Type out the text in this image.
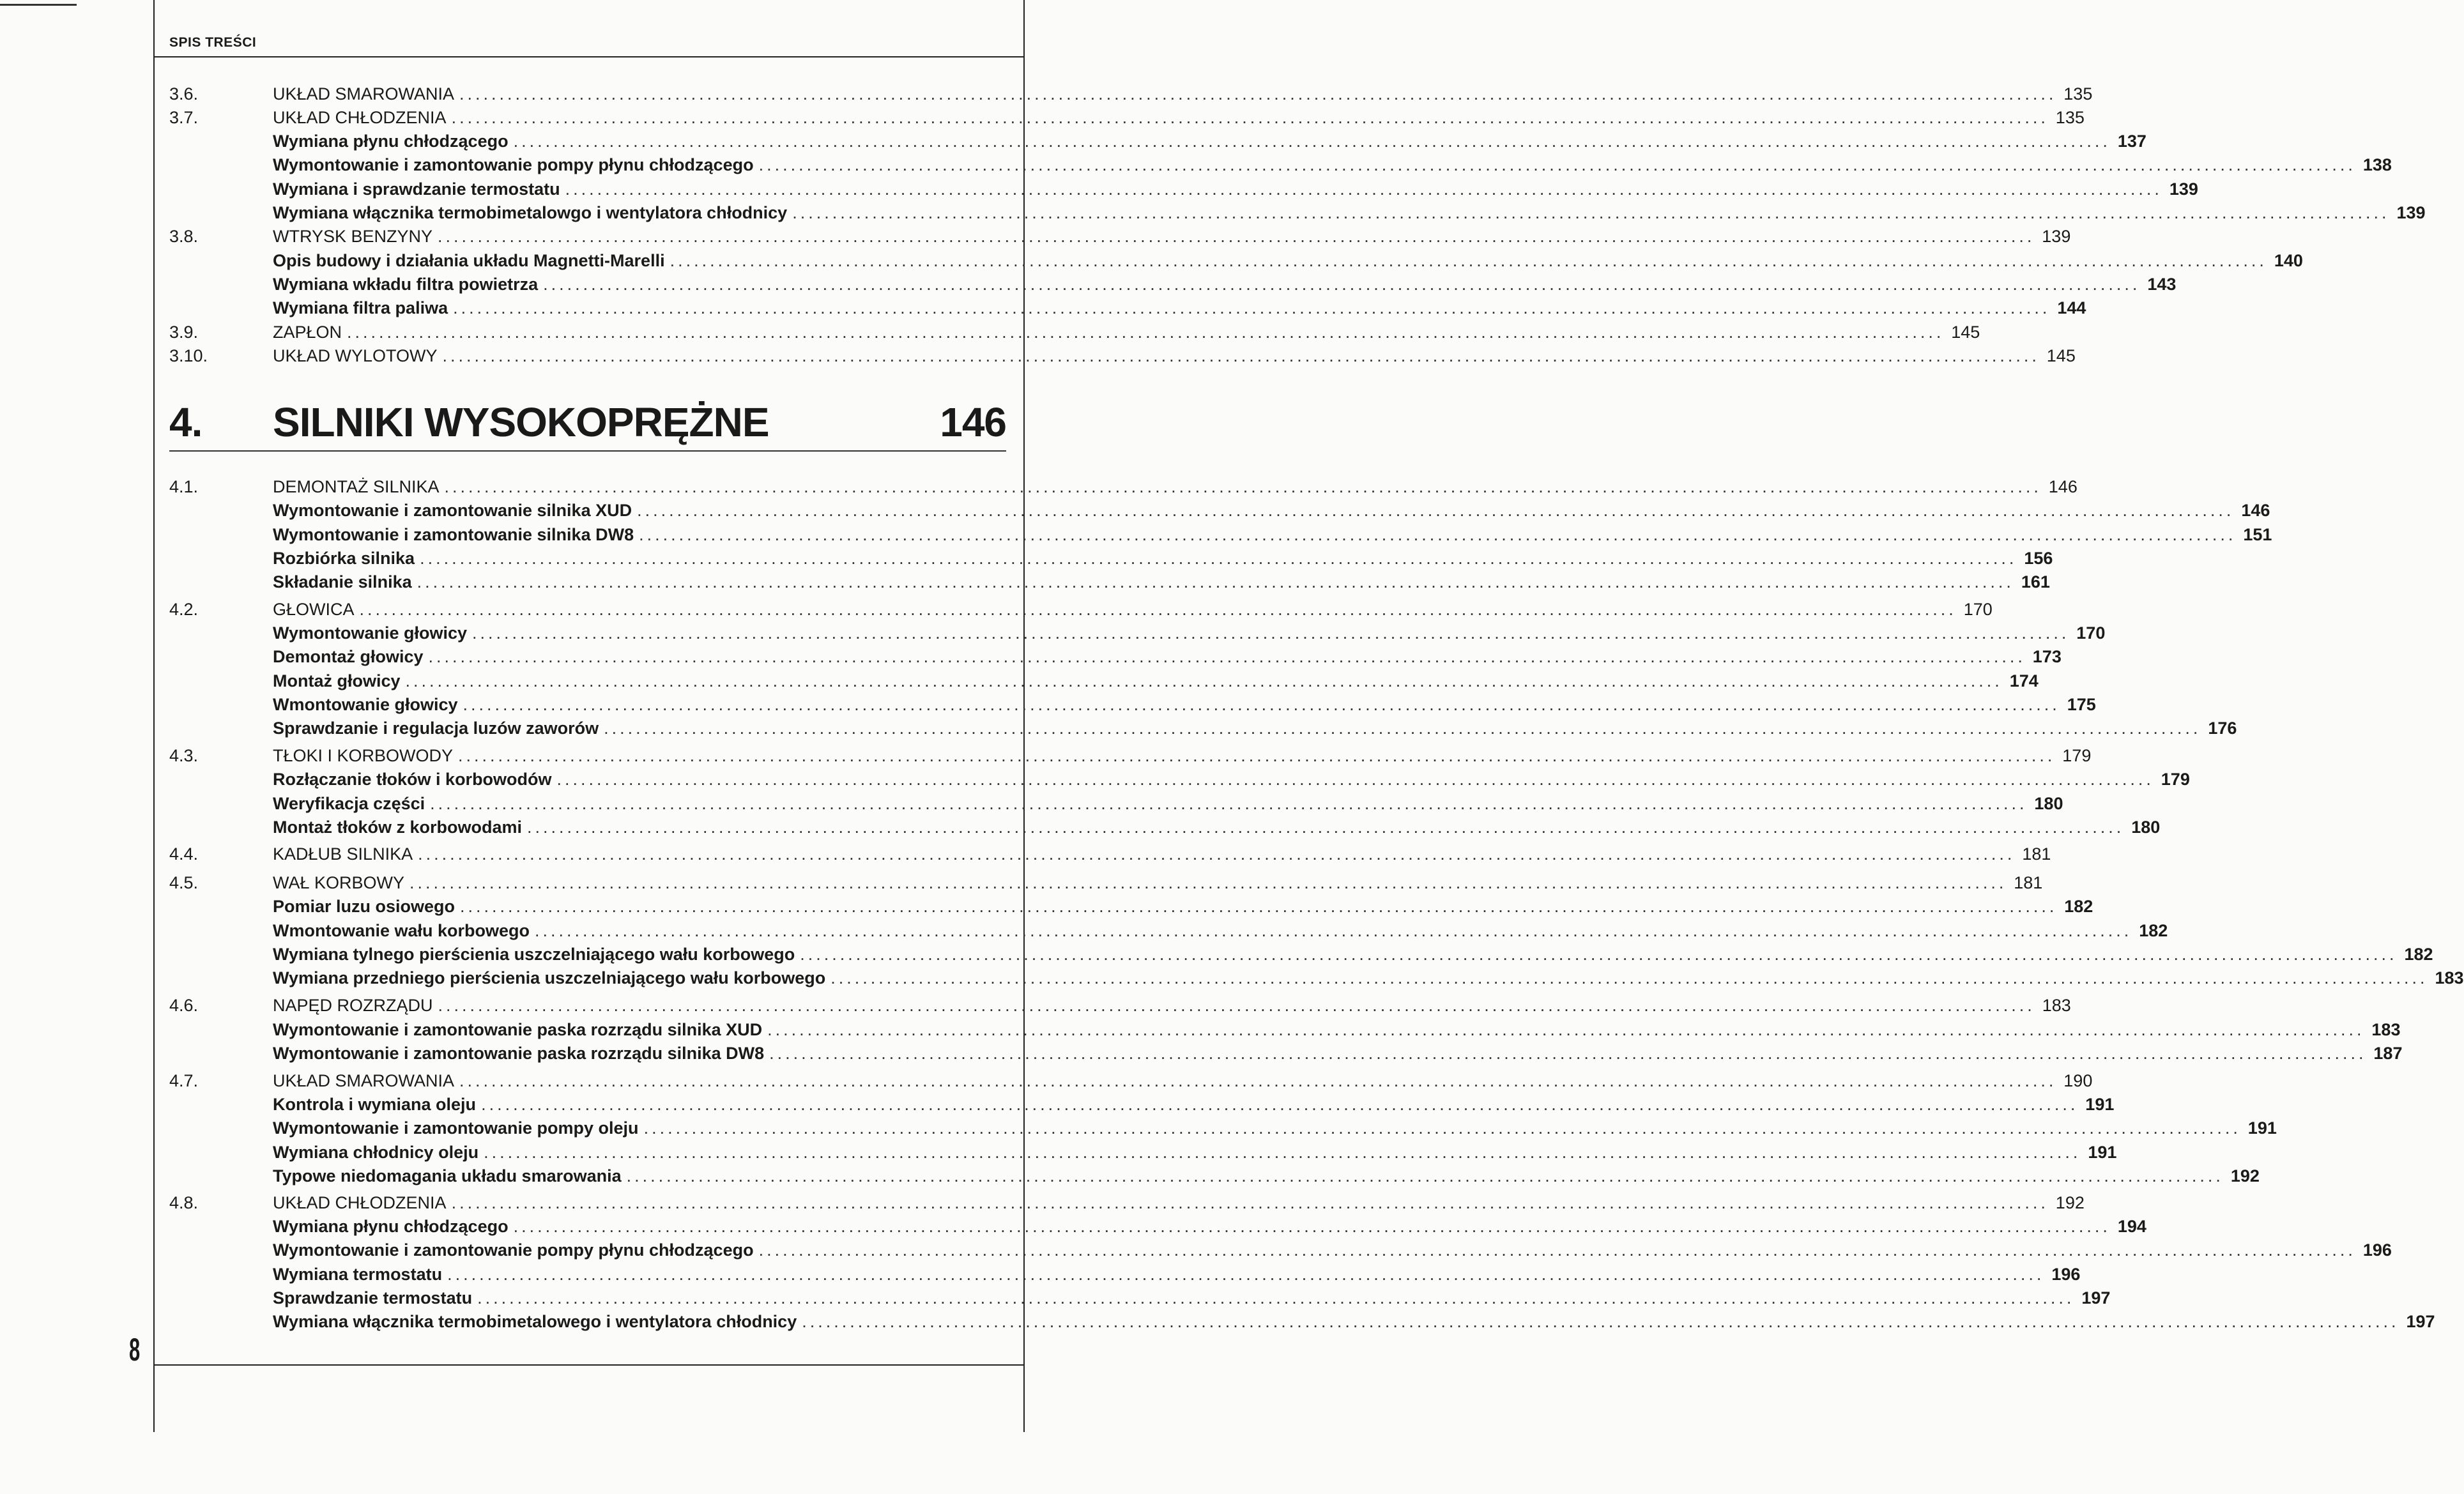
SPIS TREŚCI
3.6.	UKŁAD SMAROWANIA ........................................................................................................................................................................................................ 135
3.7.	UKŁAD CHŁODZENIA ........................................................................................................................................................................................................ 135
Wymiana płynu chłodzącego ........................................................................................................................................................................................................ 137
Wymontowanie i zamontowanie pompy płynu chłodzącego ........................................................................................................................................................................................................ 138
Wymiana i sprawdzanie termostatu ........................................................................................................................................................................................................ 139
Wymiana włącznika termobimetalowgo i wentylatora chłodnicy ........................................................................................................................................................................................................ 139
3.8.	WTRYSK BENZYNY ........................................................................................................................................................................................................ 139
Opis budowy i działania układu Magnetti-Marelli ........................................................................................................................................................................................................ 140
Wymiana wkładu filtra powietrza ........................................................................................................................................................................................................ 143
Wymiana filtra paliwa ........................................................................................................................................................................................................ 144
3.9.	ZAPŁON ........................................................................................................................................................................................................ 145
3.10.	UKŁAD WYLOTOWY ........................................................................................................................................................................................................ 145
4.1.	DEMONTAŻ SILNIKA ........................................................................................................................................................................................................ 146
Wymontowanie i zamontowanie silnika XUD ........................................................................................................................................................................................................ 146
Wymontowanie i zamontowanie silnika DW8 ........................................................................................................................................................................................................ 151
Rozbiórka silnika ........................................................................................................................................................................................................ 156
Składanie silnika ........................................................................................................................................................................................................ 161
4.2.	GŁOWICA ........................................................................................................................................................................................................ 170
Wymontowanie głowicy ........................................................................................................................................................................................................ 170
Demontaż głowicy ........................................................................................................................................................................................................ 173
Montaż głowicy ........................................................................................................................................................................................................ 174
Wmontowanie głowicy ........................................................................................................................................................................................................ 175
Sprawdzanie i regulacja luzów zaworów ........................................................................................................................................................................................................ 176
4.3.	TŁOKI I KORBOWODY ........................................................................................................................................................................................................ 179
Rozłączanie tłoków i korbowodów ........................................................................................................................................................................................................ 179
Weryfikacja części ........................................................................................................................................................................................................ 180
Montaż tłoków z korbowodami ........................................................................................................................................................................................................ 180
4.4.	KADŁUB SILNIKA ........................................................................................................................................................................................................ 181
4.5.	WAŁ KORBOWY ........................................................................................................................................................................................................ 181
Pomiar luzu osiowego ........................................................................................................................................................................................................ 182
Wmontowanie wału korbowego ........................................................................................................................................................................................................ 182
Wymiana tylnego pierścienia uszczelniającego wału korbowego ........................................................................................................................................................................................................ 182
Wymiana przedniego pierścienia uszczelniającego wału korbowego ........................................................................................................................................................................................................ 183
4.6.	NAPĘD ROZRZĄDU ........................................................................................................................................................................................................ 183
Wymontowanie i zamontowanie paska rozrządu silnika XUD ........................................................................................................................................................................................................ 183
Wymontowanie i zamontowanie paska rozrządu silnika DW8 ........................................................................................................................................................................................................ 187
4.7.	UKŁAD SMAROWANIA ........................................................................................................................................................................................................ 190
Kontrola i wymiana oleju ........................................................................................................................................................................................................ 191
Wymontowanie i zamontowanie pompy oleju ........................................................................................................................................................................................................ 191
Wymiana chłodnicy oleju ........................................................................................................................................................................................................ 191
Typowe niedomagania układu smarowania ........................................................................................................................................................................................................ 192
4.8.	UKŁAD CHŁODZENIA ........................................................................................................................................................................................................ 192
Wymiana płynu chłodzącego ........................................................................................................................................................................................................ 194
Wymontowanie i zamontowanie pompy płynu chłodzącego ........................................................................................................................................................................................................ 196
Wymiana termostatu ........................................................................................................................................................................................................ 196
Sprawdzanie termostatu ........................................................................................................................................................................................................ 197
Wymiana włącznika termobimetalowego i wentylatora chłodnicy ........................................................................................................................................................................................................ 197
4. SILNIKI WYSOKOPRĘŻNE	146
8
